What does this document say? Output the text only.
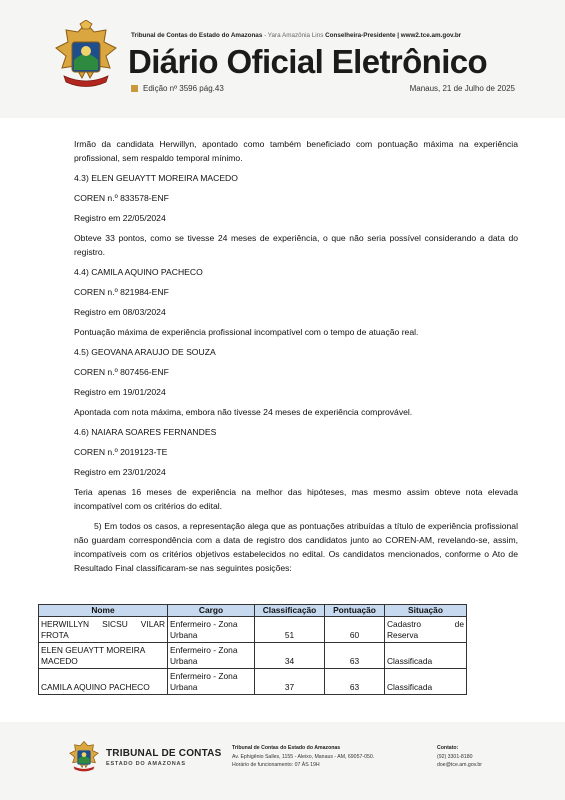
Tribunal de Contas do Estado do Amazonas - Yara Amazônia Lins Conselheira-Presidente | www2.tce.am.gov.br
Diário Oficial Eletrônico
Edição nº 3596 pág.43	Manaus, 21 de Julho de 2025

Irmão da candidata Herwillyn, apontado como também beneficiado com pontuação máxima na experiência profissional, sem respaldo temporal mínimo.

4.3) ELEN GEUAYTT MOREIRA MACEDO

COREN n.º 833578-ENF

Registro em 22/05/2024

Obteve 33 pontos, como se tivesse 24 meses de experiência, o que não seria possível considerando a data do registro.

4.4) CAMILA AQUINO PACHECO

COREN n.º 821984-ENF

Registro em 08/03/2024

Pontuação máxima de experiência profissional incompatível com o tempo de atuação real.

4.5) GEOVANA ARAUJO DE SOUZA

COREN n.º 807456-ENF

Registro em 19/01/2024

Apontada com nota máxima, embora não tivesse 24 meses de experiência comprovável.

4.6) NAIARA SOARES FERNANDES

COREN n.º 2019123-TE

Registro em 23/01/2024

Teria apenas 16 meses de experiência na melhor das hipóteses, mas mesmo assim obteve nota elevada incompatível com os critérios do edital.

5) Em todos os casos, a representação alega que as pontuações atribuídas a título de experiência profissional não guardam correspondência com a data de registro dos candidatos junto ao COREN-AM, revelando-se, assim, incompatíveis com os critérios objetivos estabelecidos no edital. Os candidatos mencionados, conforme o Ato de Resultado Final classificaram-se nas seguintes posições:

Nome	Cargo	Classificação	Pontuação	Situação
HERWILLYN SICSU VILAR FROTA	Enfermeiro - Zona Urbana	51	60	Cadastro de Reserva
ELEN GEUAYTT MOREIRA MACEDO	Enfermeiro - Zona Urbana	34	63	Classificada
CAMILA AQUINO PACHECO	Enfermeiro - Zona Urbana	37	63	Classificada
TRIBUNAL DE CONTAS
ESTADO DO AMAZONAS
Tribunal de Contas do Estado do Amazonas
Av. Ephigênio Salles, 1155 - Aleixo, Manaus - AM, 69057-050.
Horário de funcionamento: 07 ÀS 19H
Contato:
(92) 3301-8180
doe@tce.am.gov.br
